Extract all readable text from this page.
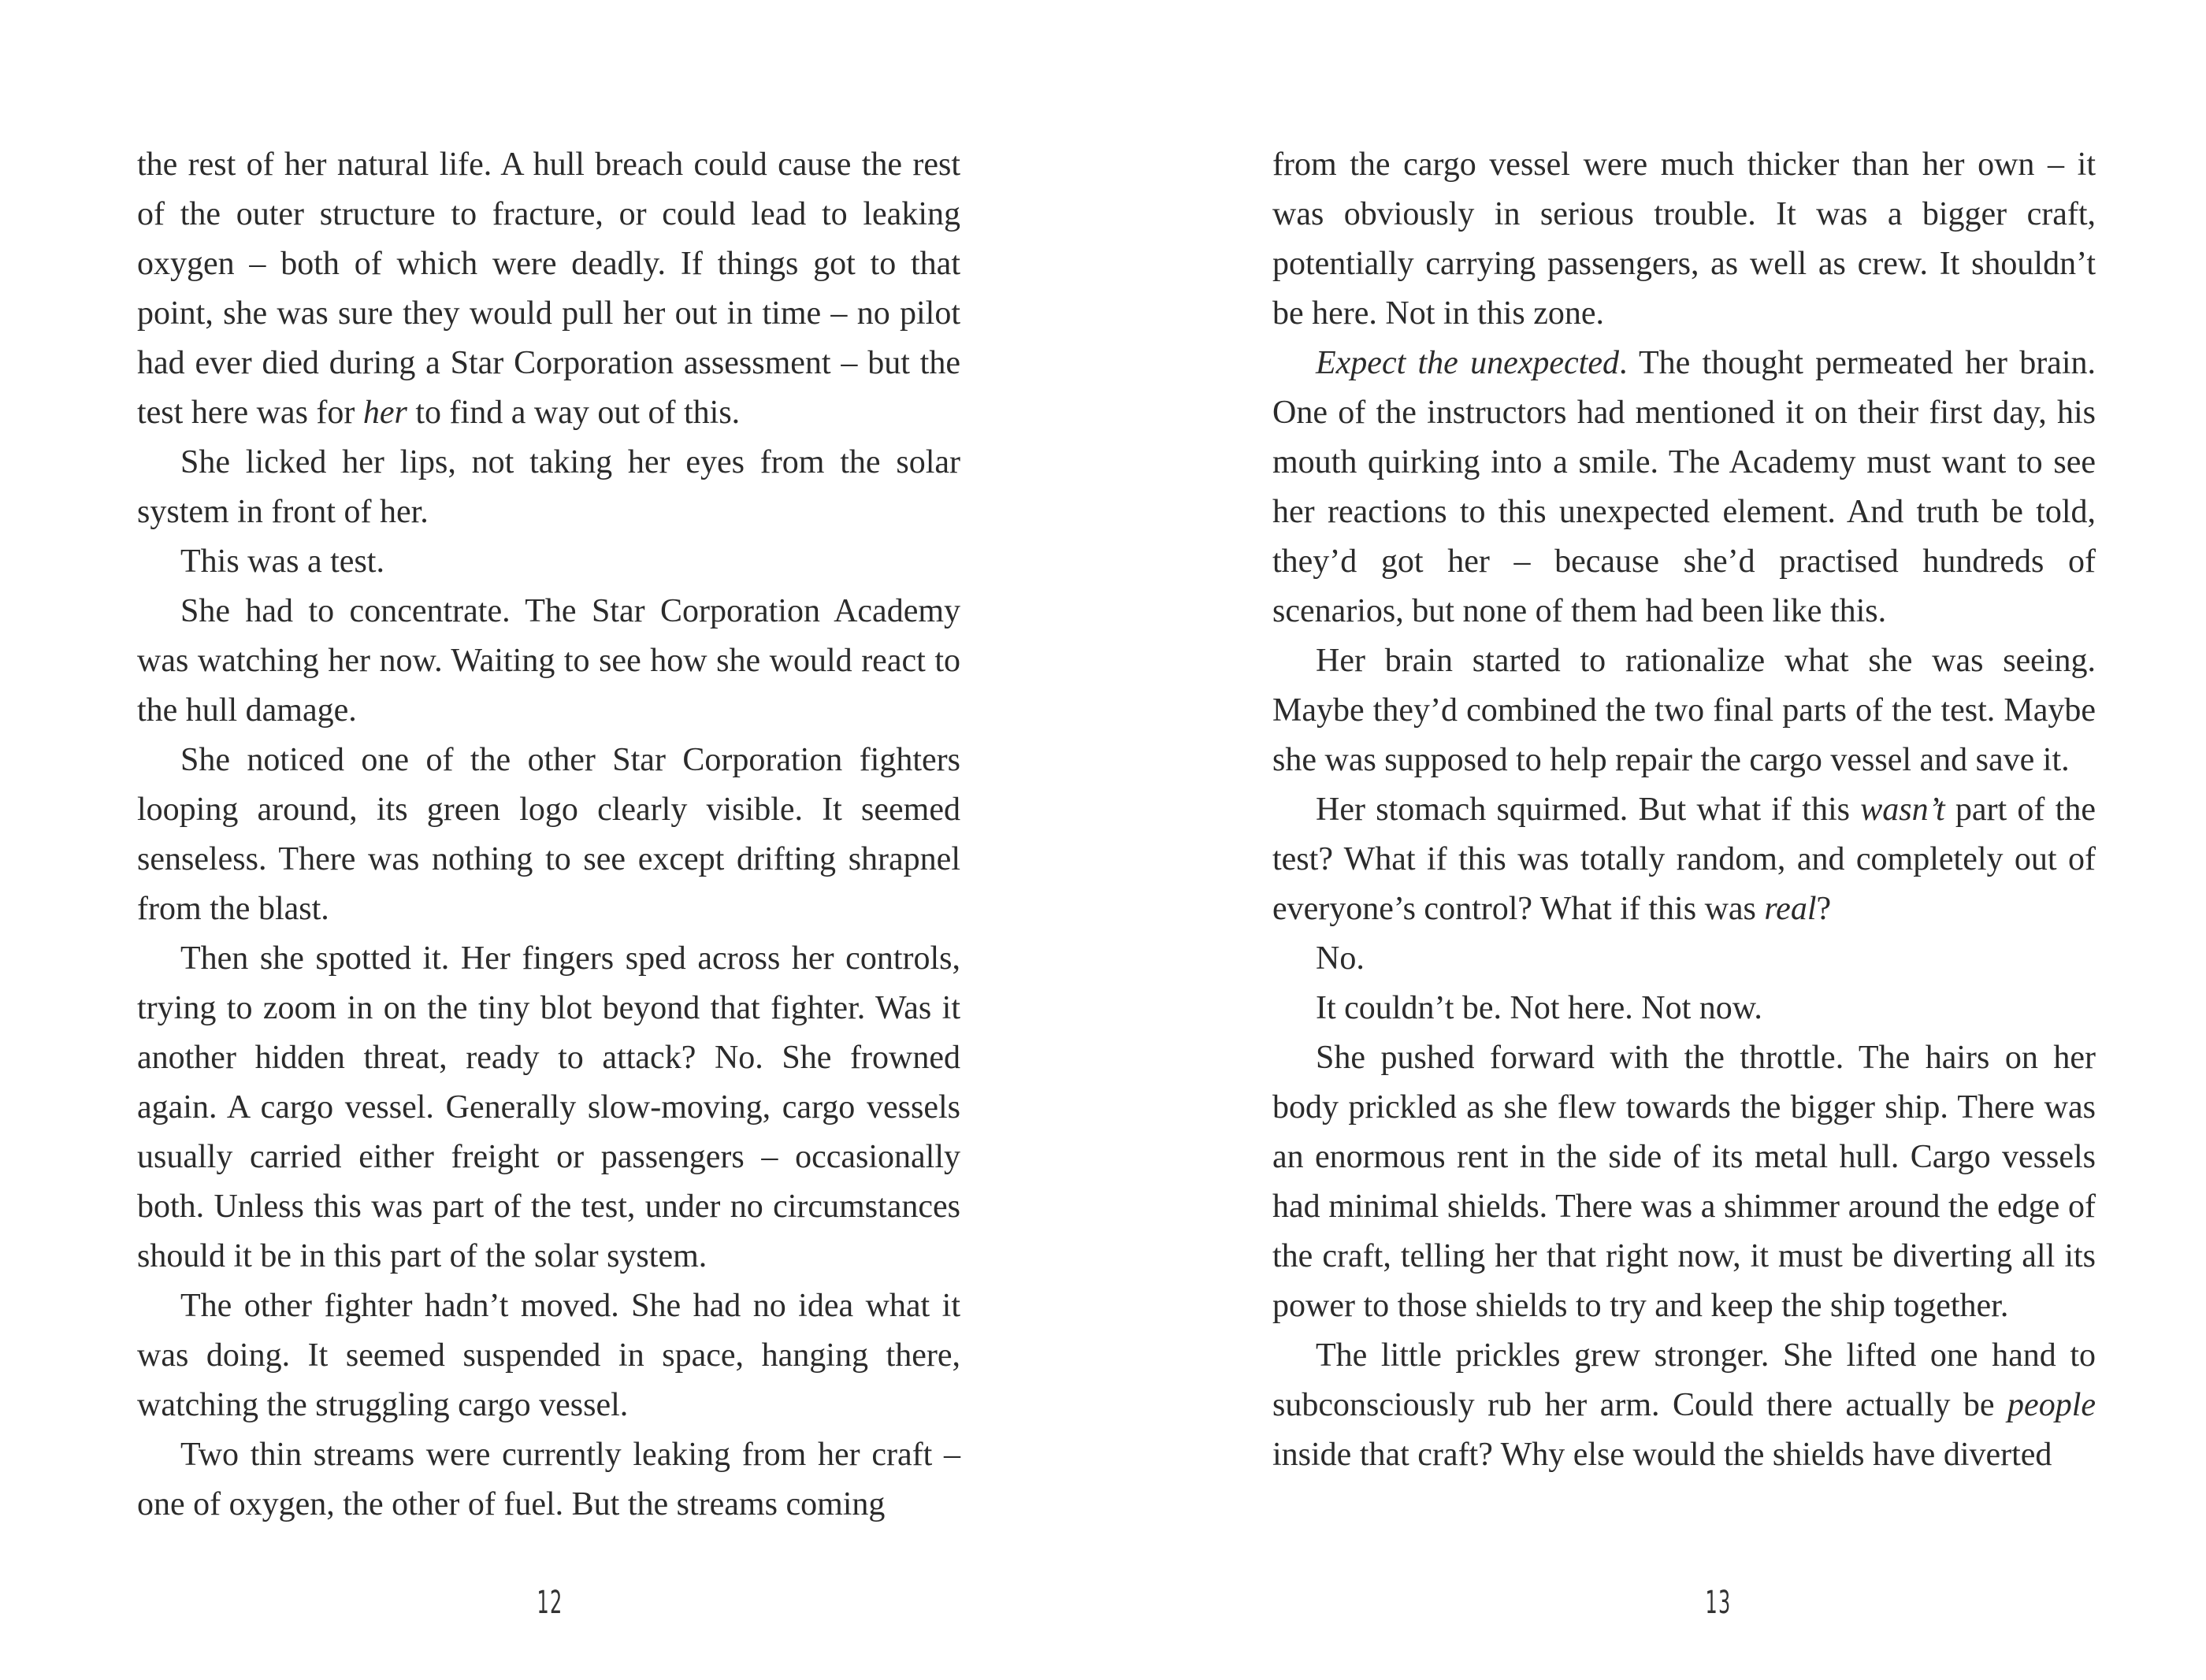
the rest of her natural life. A hull breach could cause the rest of the outer structure to fracture, or could lead to leaking oxygen – both of which were deadly. If things got to that point, she was sure they would pull her out in time – no pilot had ever died during a Star Corporation assessment – but the test here was for her to find a way out of this.

She licked her lips, not taking her eyes from the solar system in front of her.

This was a test.

She had to concentrate. The Star Corporation Academy was watching her now. Waiting to see how she would react to the hull damage.

She noticed one of the other Star Corporation fighters looping around, its green logo clearly visible. It seemed senseless. There was nothing to see except drifting shrapnel from the blast.

Then she spotted it. Her fingers sped across her controls, trying to zoom in on the tiny blot beyond that fighter. Was it another hidden threat, ready to attack? No. She frowned again. A cargo vessel. Generally slow-moving, cargo vessels usually carried either freight or passengers – occasionally both. Unless this was part of the test, under no circumstances should it be in this part of the solar system.

The other fighter hadn’t moved. She had no idea what it was doing. It seemed suspended in space, hanging there, watching the struggling cargo vessel.

Two thin streams were currently leaking from her craft – one of oxygen, the other of fuel. But the streams coming

12

from the cargo vessel were much thicker than her own – it was obviously in serious trouble. It was a bigger craft, potentially carrying passengers, as well as crew. It shouldn’t be here. Not in this zone.

Expect the unexpected. The thought permeated her brain. One of the instructors had mentioned it on their first day, his mouth quirking into a smile. The Academy must want to see her reactions to this unexpected element. And truth be told, they’d got her – because she’d practised hundreds of scenarios, but none of them had been like this.

Her brain started to rationalize what she was seeing. Maybe they’d combined the two final parts of the test. Maybe she was supposed to help repair the cargo vessel and save it.

Her stomach squirmed. But what if this wasn’t part of the test? What if this was totally random, and completely out of everyone’s control? What if this was real?

No.

It couldn’t be. Not here. Not now.

She pushed forward with the throttle. The hairs on her body prickled as she flew towards the bigger ship. There was an enormous rent in the side of its metal hull. Cargo vessels had minimal shields. There was a shimmer around the edge of the craft, telling her that right now, it must be diverting all its power to those shields to try and keep the ship together.

The little prickles grew stronger. She lifted one hand to subconsciously rub her arm. Could there actually be people inside that craft? Why else would the shields have diverted

13
